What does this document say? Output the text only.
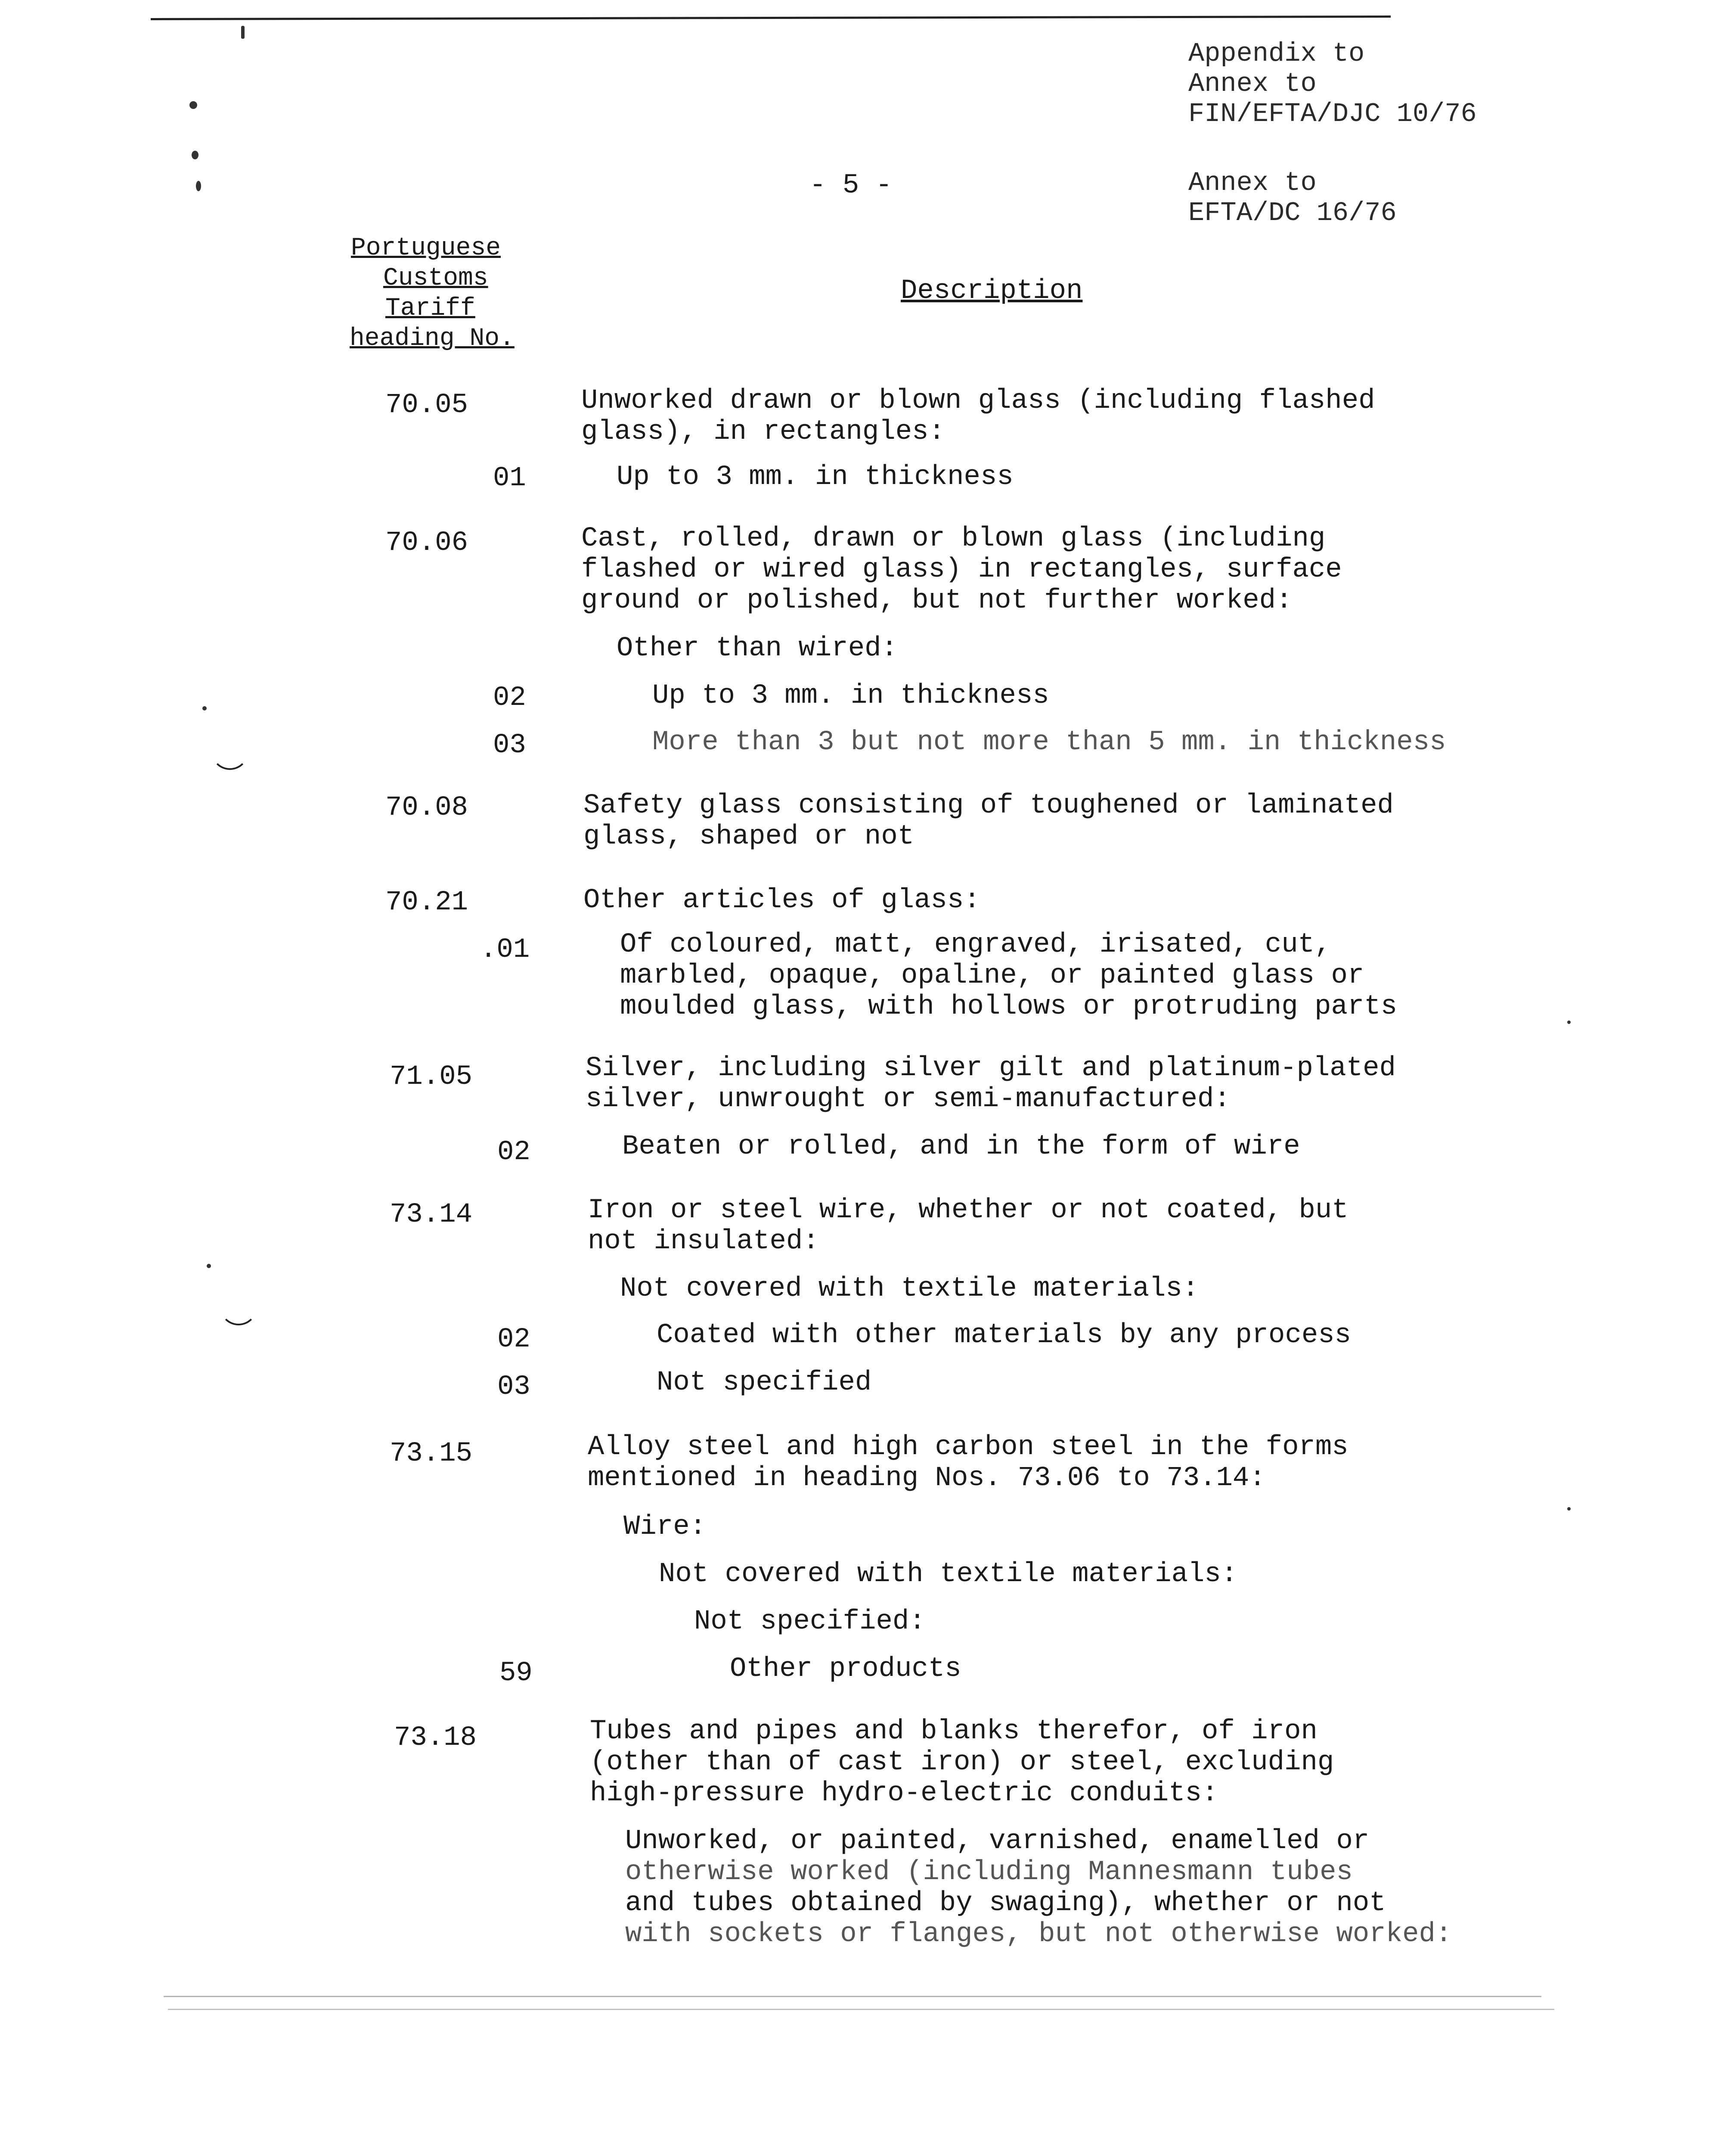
Appendix to
Annex to
FIN/EFTA/DJC 10/76
Annex to
EFTA/DC 16/76
- 5 -
Portuguese
Customs
Tariff
heading No.
Description
70.05	Unworked drawn or blown glass (including flashed
glass), in rectangles:
01	Up to 3 mm. in thickness
70.06	Cast, rolled, drawn or blown glass (including
flashed or wired glass) in rectangles, surface
ground or polished, but not further worked:
Other than wired:
02	Up to 3 mm. in thickness
03	More than 3 but not more than 5 mm. in thickness
70.08	Safety glass consisting of toughened or laminated
glass, shaped or not
70.21	Other articles of glass:
.01	Of coloured, matt, engraved, irisated, cut,
marbled, opaque, opaline, or painted glass or
moulded glass, with hollows or protruding parts
71.05	Silver, including silver gilt and platinum-plated
silver, unwrought or semi-manufactured:
02	Beaten or rolled, and in the form of wire
73.14	Iron or steel wire, whether or not coated, but
not insulated:
Not covered with textile materials:
02	Coated with other materials by any process
03	Not specified
73.15	Alloy steel and high carbon steel in the forms
mentioned in heading Nos. 73.06 to 73.14:
Wire:
Not covered with textile materials:
Not specified:
59	Other products
73.18	Tubes and pipes and blanks therefor, of iron
(other than of cast iron) or steel, excluding
high-pressure hydro-electric conduits:
Unworked, or painted, varnished, enamelled or
otherwise worked (including Mannesmann tubes
and tubes obtained by swaging), whether or not
with sockets or flanges, but not otherwise worked:
